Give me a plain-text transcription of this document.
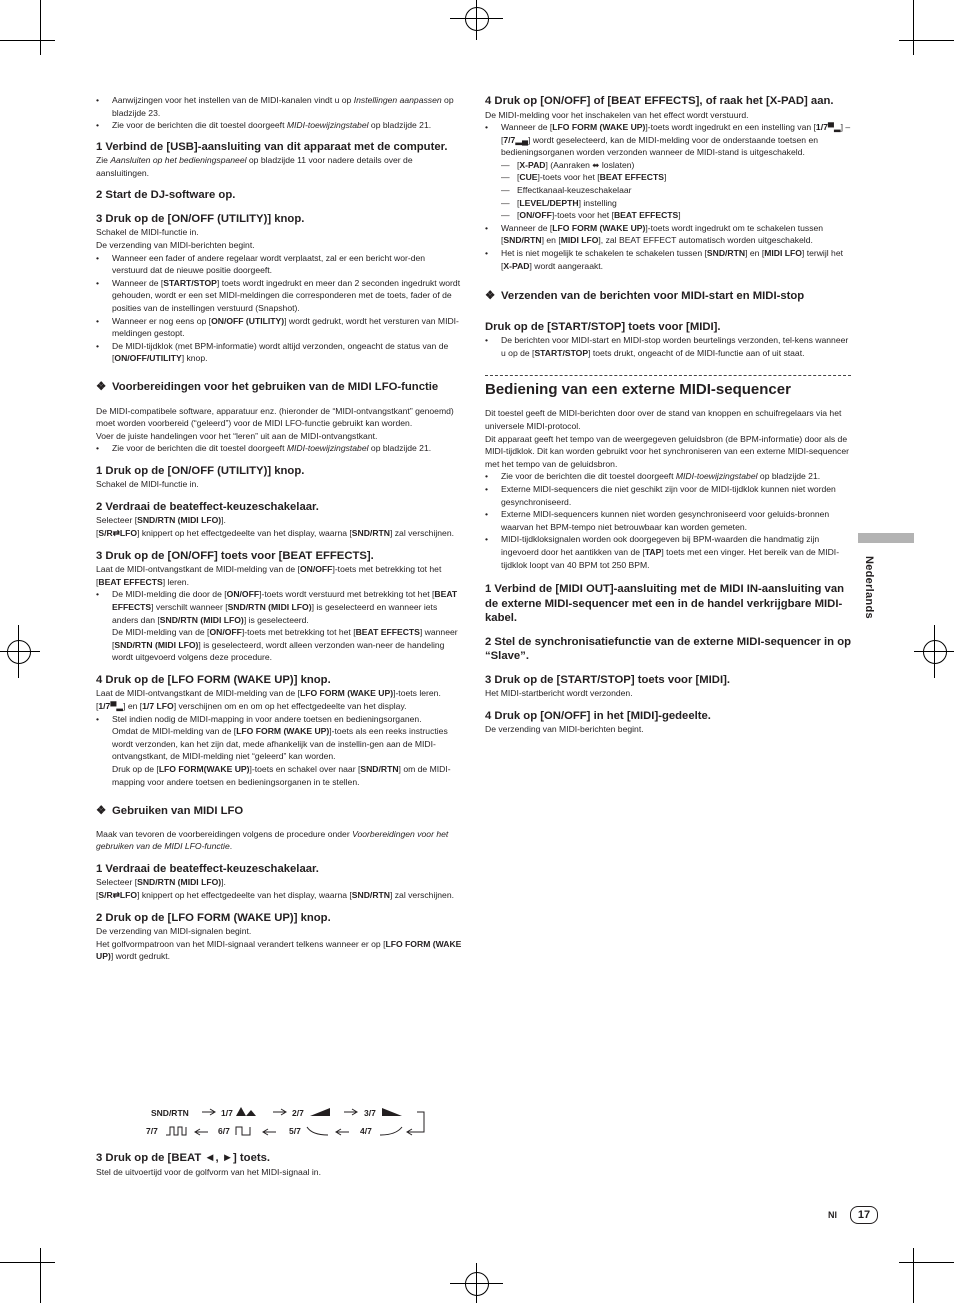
• Aanwijzingen voor het instellen van de MIDI-kanalen vindt u op Instellingen aanpassen op bladzijde 23.
• Zie voor de berichten die dit toestel doorgeeft MIDI-toewijzingstabel op bladzijde 21.

1 Verbind de [USB]-aansluiting van dit apparaat met de computer.

Zie Aansluiten op het bedieningspaneel op bladzijde 11 voor nadere details over de aansluitingen.

2 Start de DJ-software op.

3 Druk op de [ON/OFF (UTILITY)] knop.

Schakel de MIDI-functie in.

De verzending van MIDI-berichten begint.

• Wanneer een fader of andere regelaar wordt verplaatst, zal er een bericht wor-den verstuurd dat de nieuwe positie doorgeeft.
• Wanneer de [START/STOP] toets wordt ingedrukt en meer dan 2 seconden ingedrukt wordt gehouden, wordt er een set MIDI-meldingen die corresponderen met de toets, fader of de posities van de instellingen verstuurd (Snapshot).
• Wanneer er nog eens op [ON/OFF (UTILITY)] wordt gedrukt, wordt het versturen van MIDI-meldingen gestopt.
• De MIDI-tijdklok (met BPM-informatie) wordt altijd verzonden, ongeacht de status van de [ON/OFF/UTILITY] knop.
❖ Voorbereidingen voor het gebruiken van de MIDI LFO-functie

De MIDI-compatibele software, apparatuur enz. (hieronder de “MIDI-ontvangstkant” genoemd) moet worden voorbereid (“geleerd”) voor de MIDI LFO-functie gebruikt kan worden.

Voer de juiste handelingen voor het “leren” uit aan de MIDI-ontvangstkant.

• Zie voor de berichten die dit toestel doorgeeft MIDI-toewijzingstabel op bladzijde 21.

1 Druk op de [ON/OFF (UTILITY)] knop.

Schakel de MIDI-functie in.

2 Verdraai de beateffect-keuzeschakelaar.

Selecteer [SND/RTN (MIDI LFO)].

[S/R⇄LFO] knippert op het effectgedeelte van het display, waarna [SND/RTN] zal verschijnen.

3 Druk op de [ON/OFF] toets voor [BEAT EFFECTS].

Laat de MIDI-ontvangstkant de MIDI-melding van de [ON/OFF]-toets met betrekking tot het [BEAT EFFECTS] leren.

• De MIDI-melding die door de [ON/OFF]-toets wordt verstuurd met betrekking tot het [BEAT EFFECTS] verschilt wanneer [SND/RTN (MIDI LFO)] is geselecteerd en wanneer iets anders dan [SND/RTN (MIDI LFO)] is geselecteerd.
De MIDI-melding van de [ON/OFF]-toets met betrekking tot het [BEAT EFFECTS] wanneer [SND/RTN (MIDI LFO)] is geselecteerd, wordt alleen verzonden wan-neer de handeling wordt uitgevoerd volgens deze procedure.

4 Druk op de [LFO FORM (WAKE UP)] knop.

Laat de MIDI-ontvangstkant de MIDI-melding van de [LFO FORM (WAKE UP)]-toets leren.

[1/7▀▂] en [1/7 LFO] verschijnen om en om op het effectgedeelte van het display.

• Stel indien nodig de MIDI-mapping in voor andere toetsen en bedieningsorganen.
Omdat de MIDI-melding van de [LFO FORM (WAKE UP)]-toets als een reeks instructies wordt verzonden, kan het zijn dat, mede afhankelijk van de instellin-gen aan de MIDI-ontvangstkant, de MIDI-melding niet “geleerd” kan worden.
Druk op de [LFO FORM(WAKE UP)]-toets en schakel over naar [SND/RTN] om de MIDI-mapping voor andere toetsen en bedieningsorganen in te stellen.
❖ Gebruiken van MIDI LFO

Maak van tevoren de voorbereidingen volgens de procedure onder Voorbereidingen voor het gebruiken van de MIDI LFO-functie.

1 Verdraai de beateffect-keuzeschakelaar.

Selecteer [SND/RTN (MIDI LFO)].

[S/R⇄LFO] knippert op het effectgedeelte van het display, waarna [SND/RTN] zal verschijnen.

2 Druk op de [LFO FORM (WAKE UP)] knop.

De verzending van MIDI-signalen begint.

Het golfvormpatroon van het MIDI-signaal verandert telkens wanneer er op [LFO FORM (WAKE UP)] wordt gedrukt.

SND/RTN	1/7	2/7	3/7
7/7	6/7	5/7	4/7

3 Druk op de [BEAT ◄, ►] toets.

Stel de uitvoertijd voor de golfvorm van het MIDI-signaal in.

4 Druk op [ON/OFF] of [BEAT EFFECTS], of raak het [X-PAD] aan.

De MIDI-melding voor het inschakelen van het effect wordt verstuurd.

• Wanneer de [LFO FORM (WAKE UP)]-toets wordt ingedrukt en een instelling van [1/7▀▂] – [7/7▂▄] wordt geselecteerd, kan de MIDI-melding voor de onderstaande toetsen en bedieningsorganen worden verzonden wanneer de MIDI-stand is uitgeschakeld.
— [X-PAD] (Aanraken ⬌ loslaten)
— [CUE]-toets voor het [BEAT EFFECTS]
— Effectkanaal-keuzeschakelaar
— [LEVEL/DEPTH] instelling
— [ON/OFF]-toets voor het [BEAT EFFECTS]
• Wanneer de [LFO FORM (WAKE UP)]-toets wordt ingedrukt om te schakelen tussen [SND/RTN] en [MIDI LFO], zal BEAT EFFECT automatisch worden uitgeschakeld.
• Het is niet mogelijk te schakelen te schakelen tussen [SND/RTN] en [MIDI LFO] terwijl het [X-PAD] wordt aangeraakt.
❖ Verzenden van de berichten voor MIDI-start en MIDI-stop

Druk op de [START/STOP] toets voor [MIDI].

• De berichten voor MIDI-start en MIDI-stop worden beurtelings verzonden, tel-kens wanneer u op de [START/STOP] toets drukt, ongeacht of de MIDI-functie aan of uit staat.

Bediening van een externe MIDI-sequencer

Dit toestel geeft de MIDI-berichten door over de stand van knoppen en schuifregelaars via het universele MIDI-protocol.

Dit apparaat geeft het tempo van de weergegeven geluidsbron (de BPM-informatie) door als de MIDI-tijdklok. Dit kan worden gebruikt voor het synchroniseren van een externe MIDI-sequencer met het tempo van de geluidsbron.

• Zie voor de berichten die dit toestel doorgeeft MIDI-toewijzingstabel op bladzijde 21.
• Externe MIDI-sequencers die niet geschikt zijn voor de MIDI-tijdklok kunnen niet worden gesynchroniseerd.
• Externe MIDI-sequencers kunnen niet worden gesynchroniseerd voor geluids-bronnen waarvan het BPM-tempo niet betrouwbaar kan worden gemeten.
• MIDI-tijdkloksignalen worden ook doorgegeven bij BPM-waarden die handmatig zijn ingevoerd door het aantikken van de [TAP] toets met een vinger. Het bereik van de MIDI-tijdklok loopt van 40 BPM tot 250 BPM.

1 Verbind de [MIDI OUT]-aansluiting met de MIDI IN-aansluiting van de externe MIDI-sequencer met een in de handel verkrijgbare MIDI-kabel.

2 Stel de synchronisatiefunctie van de externe MIDI-sequencer in op “Slave”.

3 Druk op de [START/STOP] toets voor [MIDI].

Het MIDI-startbericht wordt verzonden.

4 Druk op [ON/OFF] in het [MIDI]-gedeelte.

De verzending van MIDI-berichten begint.

Nederlands
Nl	17
